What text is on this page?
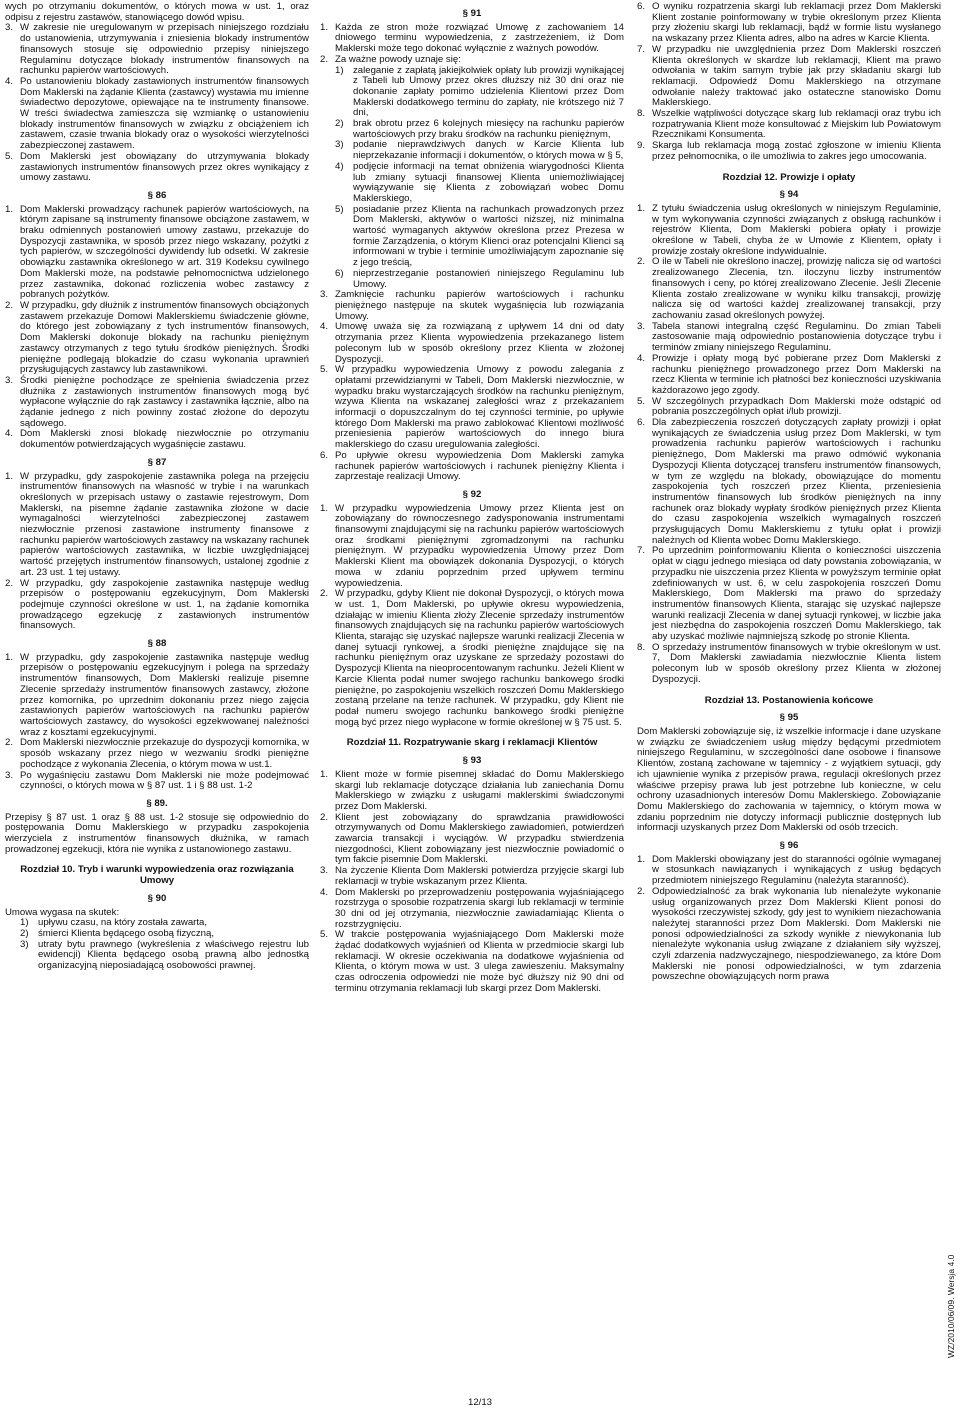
wych po otrzymaniu dokumentów, o których mowa w ust. 1, oraz odpisu z rejestru zastawów, stanowiącego dowód wpisu.
3. W zakresie nie uregulowanym w przepisach niniejszego rozdziału do ustanowienia, utrzymywania i zniesienia blokady instrumentów finansowych stosuje się odpowiednio przepisy niniejszego Regulaminu dotyczące blokady instrumentów finansowych na rachunku papierów wartościowych.
4. Po ustanowieniu blokady zastawionych instrumentów finansowych Dom Maklerski na żądanie Klienta (zastawcy) wystawia mu imienne świadectwo depozytowe, opiewające na te instrumenty finansowe. W treści świadectwa zamieszcza się wzmiankę o ustanowieniu blokady instrumentów finansowych w związku z obciążeniem ich zastawem, czasie trwania blokady oraz o wysokości wierzytelności zabezpieczonej zastawem.
5. Dom Maklerski jest obowiązany do utrzymywania blokady zastawionych instrumentów finansowych przez okres wynikający z umowy zastawu.
§ 86
1. Dom Maklerski prowadzący rachunek papierów wartościowych, na którym zapisane są instrumenty finansowe obciążone zastawem, w braku odmiennych postanowień umowy zastawu, przekazuje do Dyspozycji zastawnika, w sposób przez niego wskazany, pożytki z tych papierów, w szczególności dywidendy lub odsetki. W zakresie obowiązku zastawnika określonego w art. 319 Kodeksu cywilnego Dom Maklerski może, na podstawie pełnomocnictwa udzielonego przez zastawnika, dokonać rozliczenia wobec zastawcy z pobranych pożytków.
2. W przypadku, gdy dłużnik z instrumentów finansowych obciążonych zastawem przekazuje Domowi Maklerskiemu świadczenie główne, do którego jest zobowiązany z tych instrumentów finansowych, Dom Maklerski dokonuje blokady na rachunku pieniężnym zastawcy otrzymanych z tego tytułu środków pieniężnych. Środki pieniężne podlegają blokadzie do czasu wykonania uprawnień przysługujących zastawcy lub zastawnikowi.
3. Środki pieniężne pochodzące ze spełnienia świadczenia przez dłużnika z zastawionych instrumentów finansowych mogą być wypłacone wyłącznie do rąk zastawcy i zastawnika łącznie, albo na żądanie jednego z nich powinny zostać złożone do depozytu sądowego.
4. Dom Maklerski znosi blokadę niezwłocznie po otrzymaniu dokumentów potwierdzających wygaśnięcie zastawu.
§ 87
1. W przypadku, gdy zaspokojenie zastawnika polega na przejęciu instrumentów finansowych na własność w trybie i na warunkach określonych w przepisach ustawy o zastawie rejestrowym, Dom Maklerski, na pisemne żądanie zastawnika złożone w dacie wymagalności wierzytelności zabezpieczonej zastawem niezwłocznie przenosi zastawione instrumenty finansowe z rachunku papierów wartościowych zastawcy na wskazany rachunek papierów wartościowych zastawnika, w liczbie uwzględniającej wartość przejętych instrumentów finansowych, ustalonej zgodnie z art. 23 ust. 1 tej ustawy.
2. W przypadku, gdy zaspokojenie zastawnika następuje według przepisów o postępowaniu egzekucyjnym, Dom Maklerski podejmuje czynności określone w ust. 1, na żądanie komornika prowadzącego egzekucję z zastawionych instrumentów finansowych.
§ 88
1. W przypadku, gdy zaspokojenie zastawnika następuje według przepisów o postępowaniu egzekucyjnym i polega na sprzedaży instrumentów finansowych, Dom Maklerski realizuje pisemne Zlecenie sprzedaży instrumentów finansowych zastawcy, złożone przez komornika, po uprzednim dokonaniu przez niego zajęcia zastawionych papierów wartościowych na rachunku papierów wartościowych zastawcy, do wysokości egzekwowanej należności wraz z kosztami egzekucyjnymi.
2. Dom Maklerski niezwłocznie przekazuje do dyspozycji komornika, w sposób wskazany przez niego w wezwaniu środki pieniężne pochodzące z wykonania Zlecenia, o którym mowa w ust.1.
3. Po wygaśnięciu zastawu Dom Maklerski nie może podejmować czynności, o których mowa w § 87 ust. 1 i § 88 ust. 1-2
§ 89.
Przepisy § 87 ust. 1 oraz § 88 ust. 1-2 stosuje się odpowiednio do postępowania Domu Maklerskiego w przypadku zaspokojenia wierzyciela z instrumentów finansowych dłużnika, w ramach prowadzonej egzekucji, która nie wynika z ustanowionego zastawu.
Rozdział 10. Tryb i warunki wypowiedzenia oraz rozwiązania Umowy
§ 90
Umowa wygasa na skutek:
1) upływu czasu, na który została zawarta,
2) śmierci Klienta będącego osobą fizyczną,
3) utraty bytu prawnego (wykreślenia z właściwego rejestru lub ewidencji) Klienta będącego osobą prawną albo jednostką organizacyjną nieposiadającą osobowości prawnej.
§ 91
1. Każda ze stron może rozwiązać Umowę z zachowaniem 14 dniowego terminu wypowiedzenia, z zastrzeżeniem, iż Dom Maklerski może tego dokonać wyłącznie z ważnych powodów.
2. Za ważne powody uznaje się:
1) zaleganie z zapłatą jakiejkolwiek opłaty lub prowizji wynikającej z Tabeli lub Umowy przez okres dłuższy niż 30 dni oraz nie dokonanie zapłaty pomimo udzielenia Klientowi przez Dom Maklerski dodatkowego terminu do zapłaty, nie krótszego niż 7 dni,
2) brak obrotu przez 6 kolejnych miesięcy na rachunku papierów wartościowych przy braku środków na rachunku pieniężnym,
3) podanie nieprawdziwych danych w Karcie Klienta lub nieprzekazanie informacji i dokumentów, o których mowa w § 5,
4) podjęcie informacji na temat obniżenia wiarygodności Klienta lub zmiany sytuacji finansowej Klienta uniemożliwiającej wywiązywanie się Klienta z zobowiązań wobec Domu Maklerskiego,
5) posiadanie przez Klienta na rachunkach prowadzonych przez Dom Maklerski, aktywów o wartości niższej, niż minimalna wartość wymaganych aktywów określona przez Prezesa w formie Zarządzenia, o którym Klienci oraz potencjalni Klienci są informowani w trybie i terminie umożliwiającym zapoznanie się z jego treścią,
6) nieprzestrzeganie postanowień niniejszego Regulaminu lub Umowy.
3. Zamknięcie rachunku papierów wartościowych i rachunku pieniężnego następuje na skutek wygaśnięcia lub rozwiązania Umowy.
4. Umowę uważa się za rozwiązaną z upływem 14 dni od daty otrzymania przez Klienta wypowiedzenia przekazanego listem poleconym lub w sposób określony przez Klienta w złożonej Dyspozycji.
5. W przypadku wypowiedzenia Umowy z powodu zalegania z opłatami przewidzianymi w Tabeli, Dom Maklerski niezwłocznie, w wypadku braku wystarczających środków na rachunku pieniężnym, wzywa Klienta na wskazanej zaległości wraz z przekazaniem informacji o dopuszczalnym do tej czynności terminie, po upływie którego Dom Maklerski ma prawo zablokować Klientowi możliwość przeniesienia papierów wartościowych do innego biura maklerskiego do czasu uregulowania zaległości.
6. Po upływie okresu wypowiedzenia Dom Maklerski zamyka rachunek papierów wartościowych i rachunek pieniężny Klienta i zaprzestaje realizacji Umowy.
§ 92
1. W przypadku wypowiedzenia Umowy przez Klienta jest on zobowiązany do równoczesnego zadysponowania instrumentami finansowymi znajdującymi się na rachunku papierów wartościowych oraz środkami pieniężnymi zgromadzonymi na rachunku pieniężnym. W przypadku wypowiedzenia Umowy przez Dom Maklerski Klient ma obowiązek dokonania Dyspozycji, o których mowa w zdaniu poprzednim przed upływem terminu wypowiedzenia.
2. W przypadku, gdyby Klient nie dokonał Dyspozycji, o których mowa w ust. 1, Dom Maklerski, po upływie okresu wypowiedzenia, działając w imieniu Klienta złoży Zlecenie sprzedaży instrumentów finansowych znajdujących się na rachunku papierów wartościowych Klienta, starając się uzyskać najlepsze warunki realizacji Zlecenia w danej sytuacji rynkowej, a środki pieniężne znajdujące się na rachunku pieniężnym oraz uzyskane ze sprzedaży pozostawi do Dyspozycji Klienta na nieoprocentowanym rachunku. Jeżeli Klient w Karcie Klienta podał numer swojego rachunku bankowego środki pieniężne, po zaspokojeniu wszelkich roszczeń Domu Maklerskiego zostaną przelane na tenże rachunek. W przypadku, gdy Klient nie podał numeru swojego rachunku bankowego środki pieniężne mogą być przez niego wypłacone w formie określonej w § 75 ust. 5.
Rozdział 11. Rozpatrywanie skarg i reklamacji Klientów
§ 93
1. Klient może w formie pisemnej składać do Domu Maklerskiego skargi lub reklamacje dotyczące działania lub zaniechania Domu Maklerskiego w związku z usługami maklerskimi świadczonymi przez Dom Maklerski.
2. Klient jest zobowiązany do sprawdzania prawidłowości otrzymywanych od Domu Maklerskiego zawiadomień, potwierdzeń zawarcia transakcji i wyciągów. W przypadku stwierdzenia niezgodności, Klient zobowiązany jest niezwłocznie powiadomić o tym fakcie pisemnie Dom Maklerski.
3. Na życzenie Klienta Dom Maklerski potwierdza przyjęcie skargi lub reklamacji w trybie wskazanym przez Klienta.
4. Dom Maklerski po przeprowadzeniu postępowania wyjaśniającego rozstrzyga o sposobie rozpatrzenia skargi lub reklamacji w terminie 30 dni od jej otrzymania, niezwłocznie zawiadamiając Klienta o rozstrzygnięciu.
5. W trakcie postępowania wyjaśniającego Dom Maklerski może żądać dodatkowych wyjaśnień od Klienta w przedmiocie skargi lub reklamacji. W okresie oczekiwania na dodatkowe wyjaśnienia od Klienta, o którym mowa w ust. 3 ulega zawieszeniu. Maksymalny czas odroczenia odpowiedzi nie może być dłuższy niż 90 dni od terminu otrzymania reklamacji lub skargi przez Dom Maklerski.
6. O wyniku rozpatrzenia skargi lub reklamacji przez Dom Maklerski Klient zostanie poinformowany w trybie określonym przez Klienta przy złożeniu skargi lub reklamacji, bądź w formie listu wysłanego na wskazany przez Klienta adres, albo na adres w Karcie Klienta.
7. W przypadku nie uwzględnienia przez Dom Maklerski roszczeń Klienta określonych w skardze lub reklamacji, Klient ma prawo odwołania w takim samym trybie jak przy składaniu skargi lub reklamacji. Odpowiedź Domu Maklerskiego na otrzymane odwołanie należy traktować jako ostateczne stanowisko Domu Maklerskiego.
8. Wszelkie wątpliwości dotyczące skarg lub reklamacji oraz trybu ich rozpatrywania Klient może konsultować z Miejskim lub Powiatowym Rzecznikami Konsumenta.
9. Skarga lub reklamacja mogą zostać zgłoszone w imieniu Klienta przez pełnomocnika, o ile umożliwia to zakres jego umocowania.
Rozdział 12. Prowizje i opłaty
§ 94
1. Z tytułu świadczenia usług określonych w niniejszym Regulaminie, w tym wykonywania czynności związanych z obsługą rachunków i rejestrów Klienta, Dom Maklerski pobiera opłaty i prowizje określone w Tabeli, chyba że w Umowie z Klientem, opłaty i prowizje zostały określone indywidualnie.
2. O ile w Tabeli nie określono inaczej, prowizję nalicza się od wartości zrealizowanego Zlecenia, tzn. iloczynu liczby instrumentów finansowych i ceny, po której zrealizowano Zlecenie. Jeśli Zlecenie Klienta zostało zrealizowane w wyniku kilku transakcji, prowizję nalicza się od wartości każdej zrealizowanej transakcji, przy zachowaniu zasad określonych powyżej.
3. Tabela stanowi integralną część Regulaminu. Do zmian Tabeli zastosowanie mają odpowiednio postanowienia dotyczące trybu i terminów zmiany niniejszego Regulaminu.
4. Prowizje i opłaty mogą być pobierane przez Dom Maklerski z rachunku pieniężnego prowadzonego przez Dom Maklerski na rzecz Klienta w terminie ich płatności bez konieczności uzyskiwania każdorazowo jego zgody.
5. W szczególnych przypadkach Dom Maklerski może odstąpić od pobrania poszczególnych opłat i/lub prowizji.
6. Dla zabezpieczenia roszczeń dotyczących zapłaty prowizji i opłat wynikających ze świadczenia usług przez Dom Maklerski, w tym prowadzenia rachunku papierów wartościowych i rachunku pieniężnego, Dom Maklerski ma prawo odmówić wykonania Dyspozycji Klienta dotyczącej transferu instrumentów finansowych, w tym ze względu na blokady, obowiązujące do momentu zaspokojenia tych roszczeń przez Klienta, przeniesienia instrumentów finansowych lub środków pieniężnych na inny rachunek oraz blokady wypłaty środków pieniężnych przez Klienta do czasu zaspokojenia wszelkich wymagalnych roszczeń przysługujących Domu Maklerskiemu z tytułu opłat i prowizji należnych od Klienta wobec Domu Maklerskiego.
7. Po uprzednim poinformowaniu Klienta o konieczności uiszczenia opłat w ciągu jednego miesiąca od daty powstania zobowiązania, w przypadku nie uiszczenia przez Klienta w powyższym terminie opłat zdefiniowanych w ust. 6, w celu zaspokojenia roszczeń Domu Maklerskiego, Dom Maklerski ma prawo do sprzedaży instrumentów finansowych Klienta, starając się uzyskać najlepsze warunki realizacji Zlecenia w danej sytuacji rynkowej, w liczbie jaka jest niezbędna do zaspokojenia roszczeń Domu Maklerskiego, tak aby uzyskać możliwie najmniejszą szkodę po stronie Klienta.
8. O sprzedaży instrumentów finansowych w trybie określonym w ust. 7, Dom Maklerski zawiadamia niezwłocznie Klienta listem poleconym lub w sposób określony przez Klienta w złożonej Dyspozycji.
Rozdział 13. Postanowienia końcowe
§ 95
Dom Maklerski zobowiązuje się, iż wszelkie informacje i dane uzyskane w związku ze świadczeniem usług między będącymi przedmiotem niniejszego Regulaminu, w szczególności dane osobowe i finansowe Klientów, zostaną zachowane w tajemnicy - z wyjątkiem sytuacji, gdy ich ujawnienie wynika z przepisów prawa, regulacji określonych przez właściwe przepisy prawa lub jest potrzebne lub konieczne, w celu ochrony uzasadnionych interesów Domu Maklerskiego. Zobowiązanie Domu Maklerskiego do zachowania w tajemnicy, o którym mowa w zdaniu poprzednim nie dotyczy informacji publicznie dostępnych lub informacji uzyskanych przez Dom Maklerski od osób trzecich.
§ 96
1. Dom Maklerski obowiązany jest do staranności ogólnie wymaganej w stosunkach nawiązanych i wynikających z usług będących przedmiotem niniejszego Regulaminu (należyta staranność).
2. Odpowiedzialność za brak wykonania lub nienależyte wykonanie usług organizowanych przez Dom Maklerski Klient ponosi do wysokości rzeczywistej szkody, gdy jest to wynikiem niezachowania należytej staranności przez Dom Maklerski. Dom Maklerski nie ponosi odpowiedzialności za szkody wynikłe z niewykonania lub nienależyte wykonania usług związane z działaniem siły wyższej, czyli zdarzenia nadzwyczajnego, niespodziewanego, za które Dom Maklerski nie ponosi odpowiedzialności, w tym zdarzenia powszechne obowiązujących norm prawa
12/13
WZ/2010/06/09. Wersja 4.0
